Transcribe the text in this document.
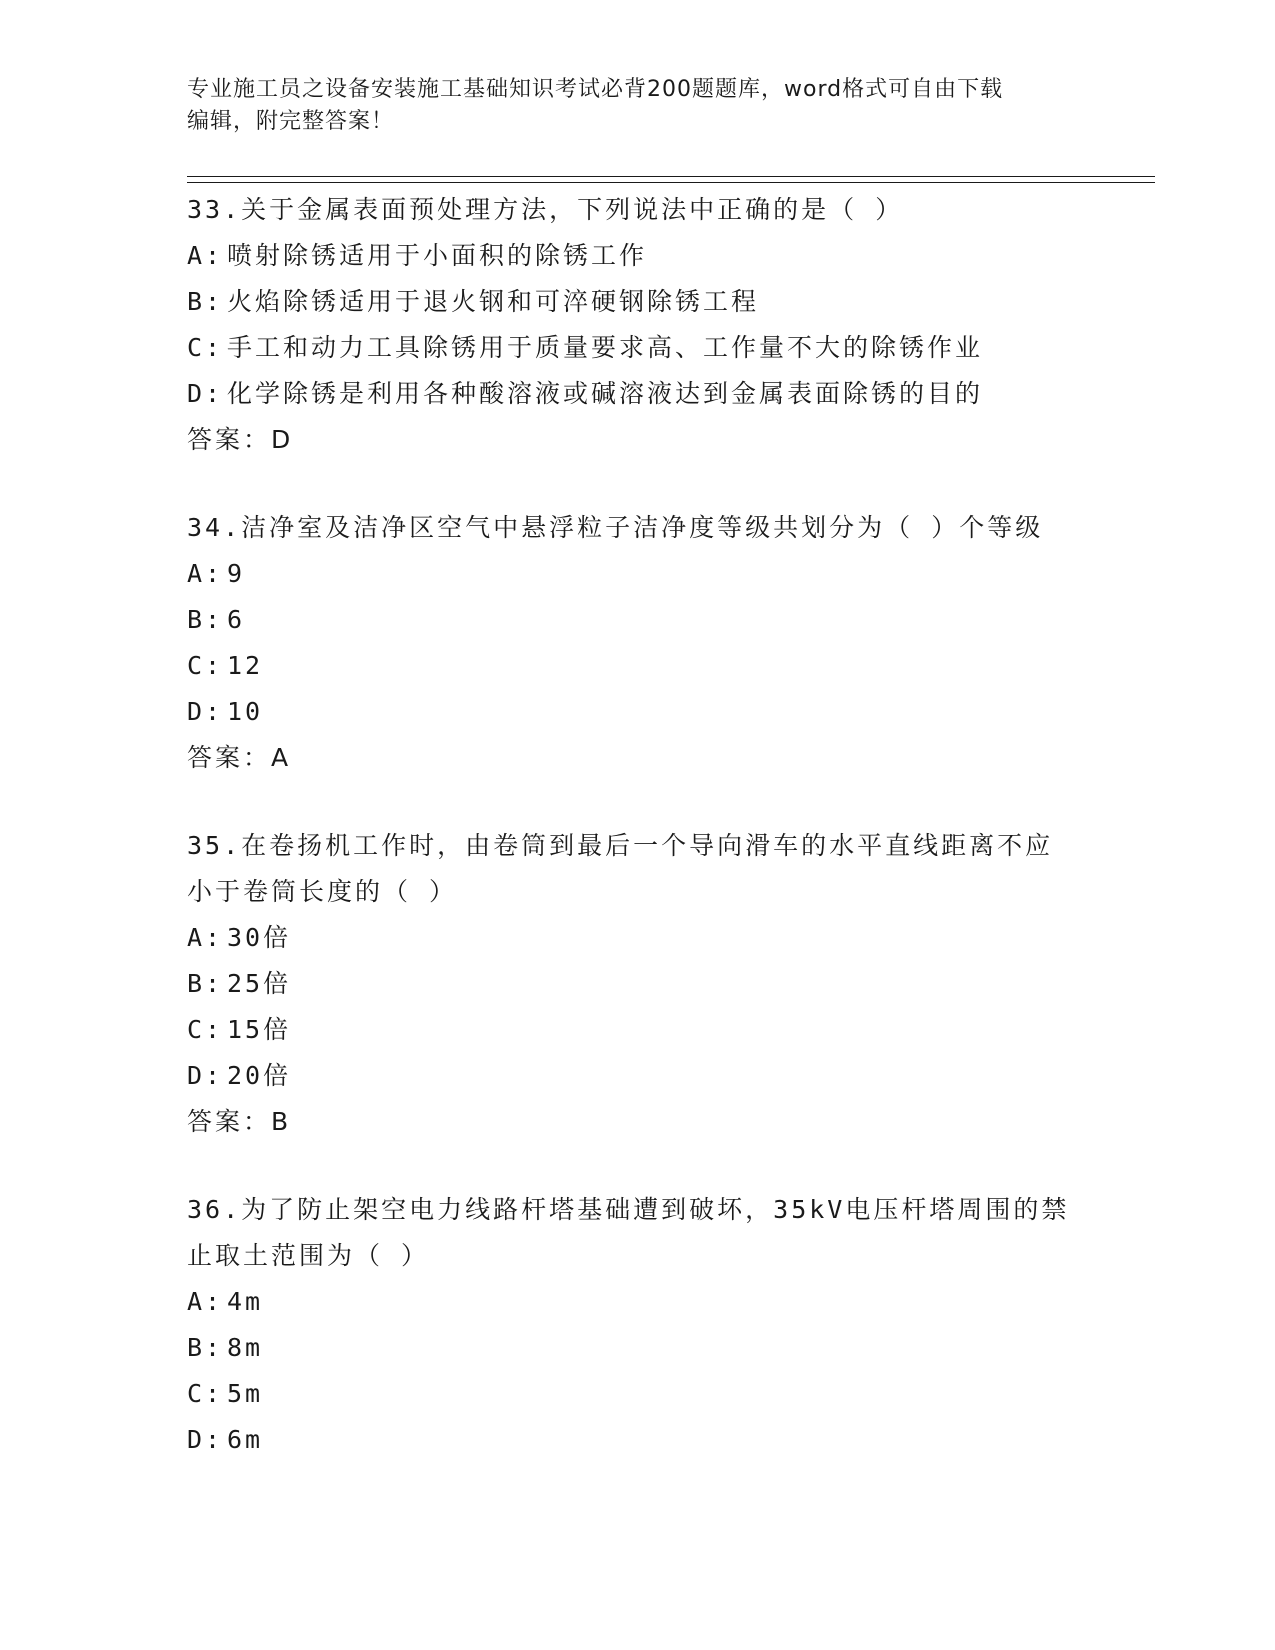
专业施工员之设备安装施工基础知识考试必背200题题库，word格式可自由下载
编辑，附完整答案！
33.关于金属表面预处理方法，下列说法中正确的是（ ）
A: 喷射除锈适用于小面积的除锈工作
B: 火焰除锈适用于退火钢和可淬硬钢除锈工程
C: 手工和动力工具除锈用于质量要求高、工作量不大的除锈作业
D: 化学除锈是利用各种酸溶液或碱溶液达到金属表面除锈的目的
答案：D
34.洁净室及洁净区空气中悬浮粒子洁净度等级共划分为（ ）个等级
A: 9
B: 6
C: 12
D: 10
答案：A
35.在卷扬机工作时，由卷筒到最后一个导向滑车的水平直线距离不应
小于卷筒长度的（ ）
A: 30倍
B: 25倍
C: 15倍
D: 20倍
答案：B
36.为了防止架空电力线路杆塔基础遭到破坏，35kV电压杆塔周围的禁
止取土范围为（ ）
A: 4m
B: 8m
C: 5m
D: 6m
